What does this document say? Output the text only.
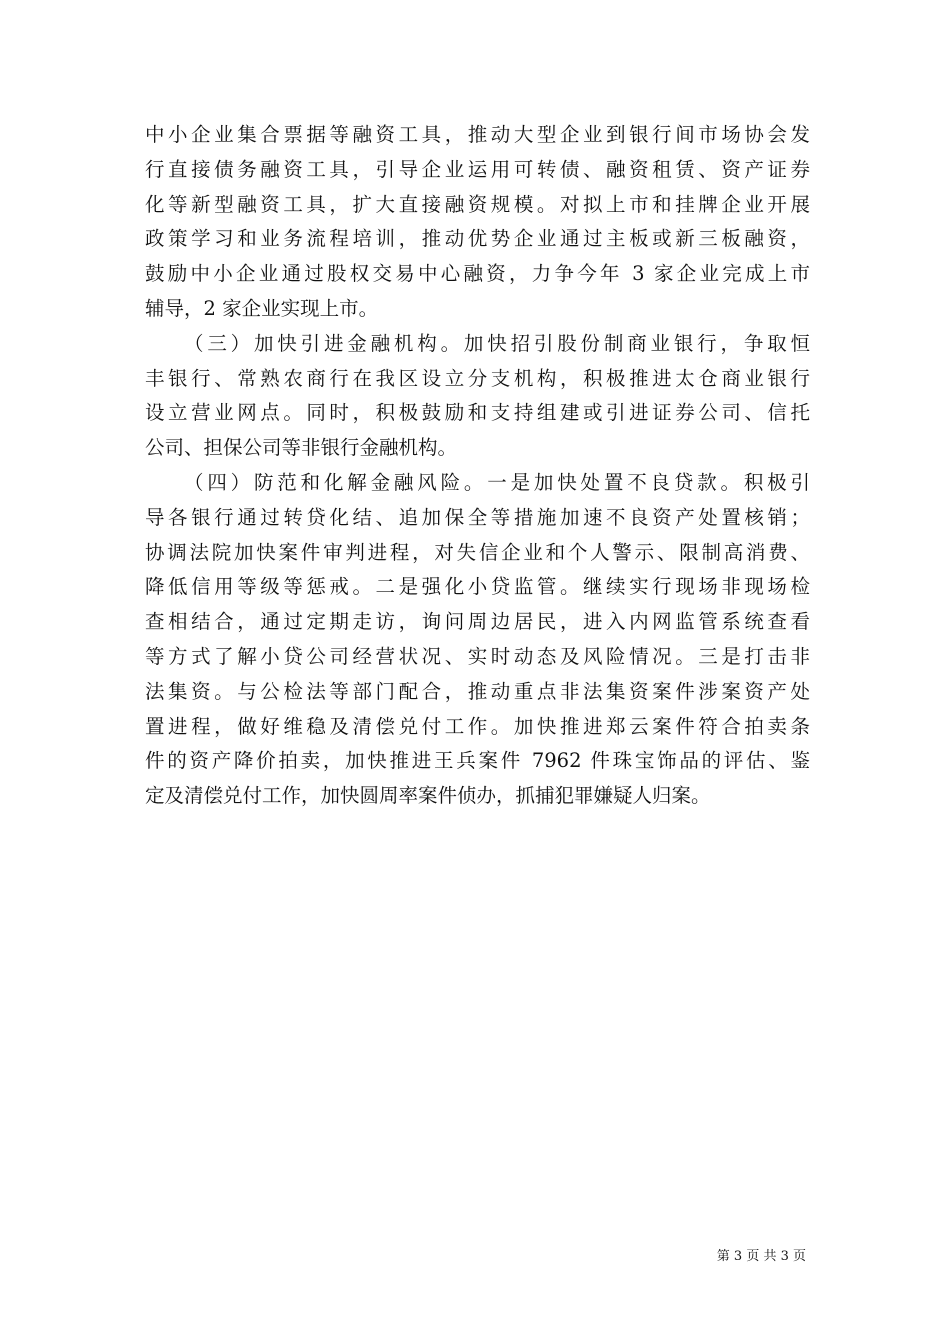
中小企业集合票据等融资工具，推动大型企业到银行间市场协会发
行直接债务融资工具，引导企业运用可转债、融资租赁、资产证券
化等新型融资工具，扩大直接融资规模。对拟上市和挂牌企业开展
政策学习和业务流程培训，推动优势企业通过主板或新三板融资，
鼓励中小企业通过股权交易中心融资，力争今年 3 家企业完成上市
辅导，2 家企业实现上市。
（三）加快引进金融机构。加快招引股份制商业银行，争取恒
丰银行、常熟农商行在我区设立分支机构，积极推进太仓商业银行
设立营业网点。同时，积极鼓励和支持组建或引进证券公司、信托
公司、担保公司等非银行金融机构。
（四）防范和化解金融风险。一是加快处置不良贷款。积极引
导各银行通过转贷化结、追加保全等措施加速不良资产处置核销；
协调法院加快案件审判进程，对失信企业和个人警示、限制高消费、
降低信用等级等惩戒。二是强化小贷监管。继续实行现场非现场检
查相结合，通过定期走访，询问周边居民，进入内网监管系统查看
等方式了解小贷公司经营状况、实时动态及风险情况。三是打击非
法集资。与公检法等部门配合，推动重点非法集资案件涉案资产处
置进程，做好维稳及清偿兑付工作。加快推进郑云案件符合拍卖条
件的资产降价拍卖，加快推进王兵案件 7962 件珠宝饰品的评估、鉴
定及清偿兑付工作，加快圆周率案件侦办，抓捕犯罪嫌疑人归案。
第 3 页 共 3 页
